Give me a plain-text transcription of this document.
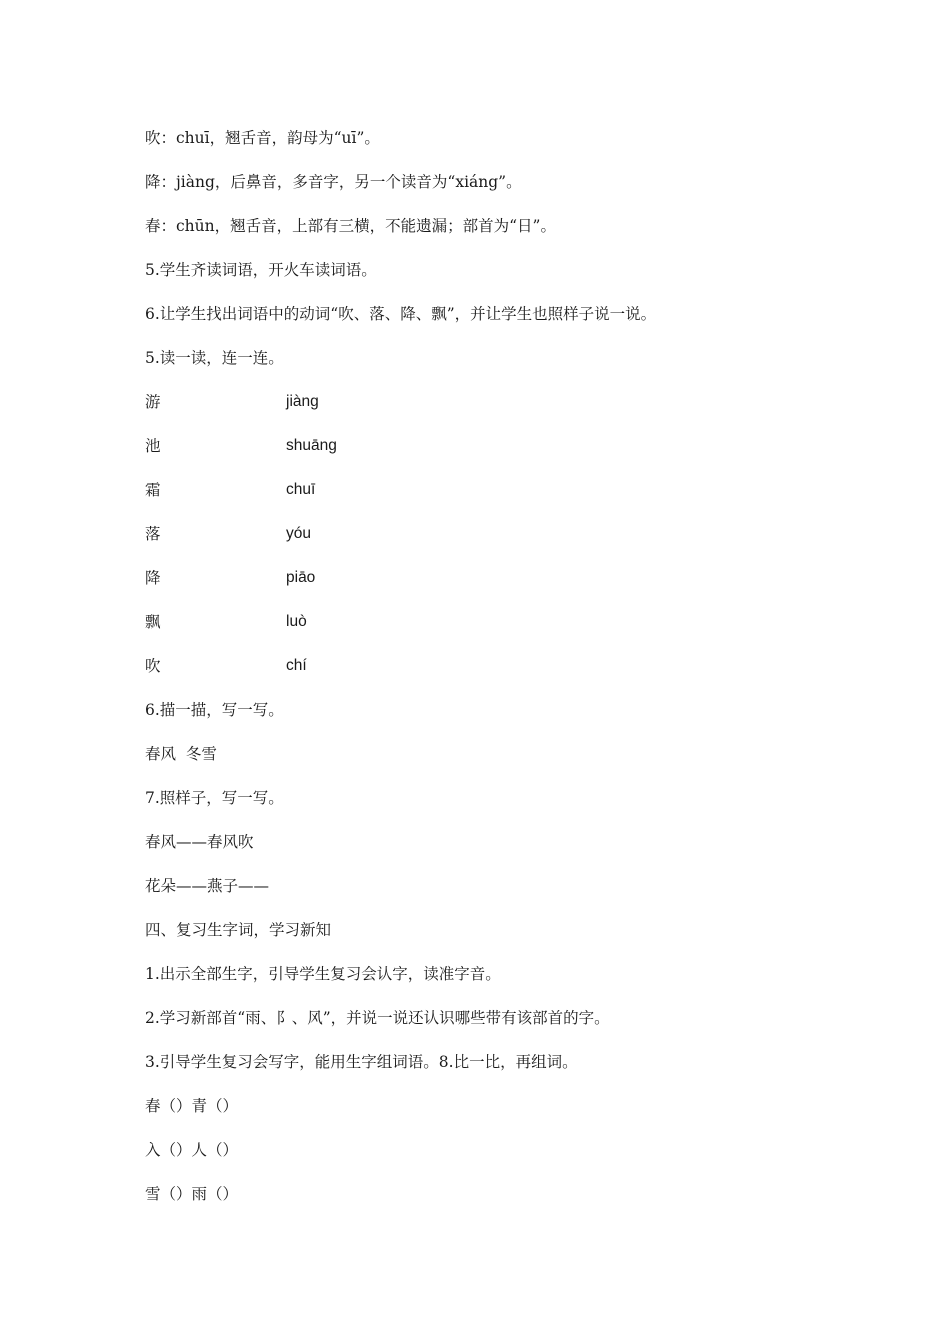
吹：chuī，翘舌音，韵母为“uī”。
降：jiàng，后鼻音，多音字，另一个读音为“xiáng”。
春：chūn，翘舌音，上部有三横，不能遗漏；部首为“日”。
5.学生齐读词语，开火车读词语。
6.让学生找出词语中的动词“吹、落、降、飘”，并让学生也照样子说一说。
5.读一读，连一连。
游	jiàng
池	shuāng
霜	chuī
落	yóu
降	piāo
飘	luò
吹	chí
6.描一描，写一写。
春风  冬雪
7.照样子，写一写。
春风——春风吹
花朵——燕子——
四、复习生字词，学习新知
1.出示全部生字，引导学生复习会认字，读准字音。
2.学习新部首“雨、阝、风”，并说一说还认识哪些带有该部首的字。
3.引导学生复习会写字，能用生字组词语。8.比一比，再组词。
春（）青（）
入（）人（）
雪（）雨（）
